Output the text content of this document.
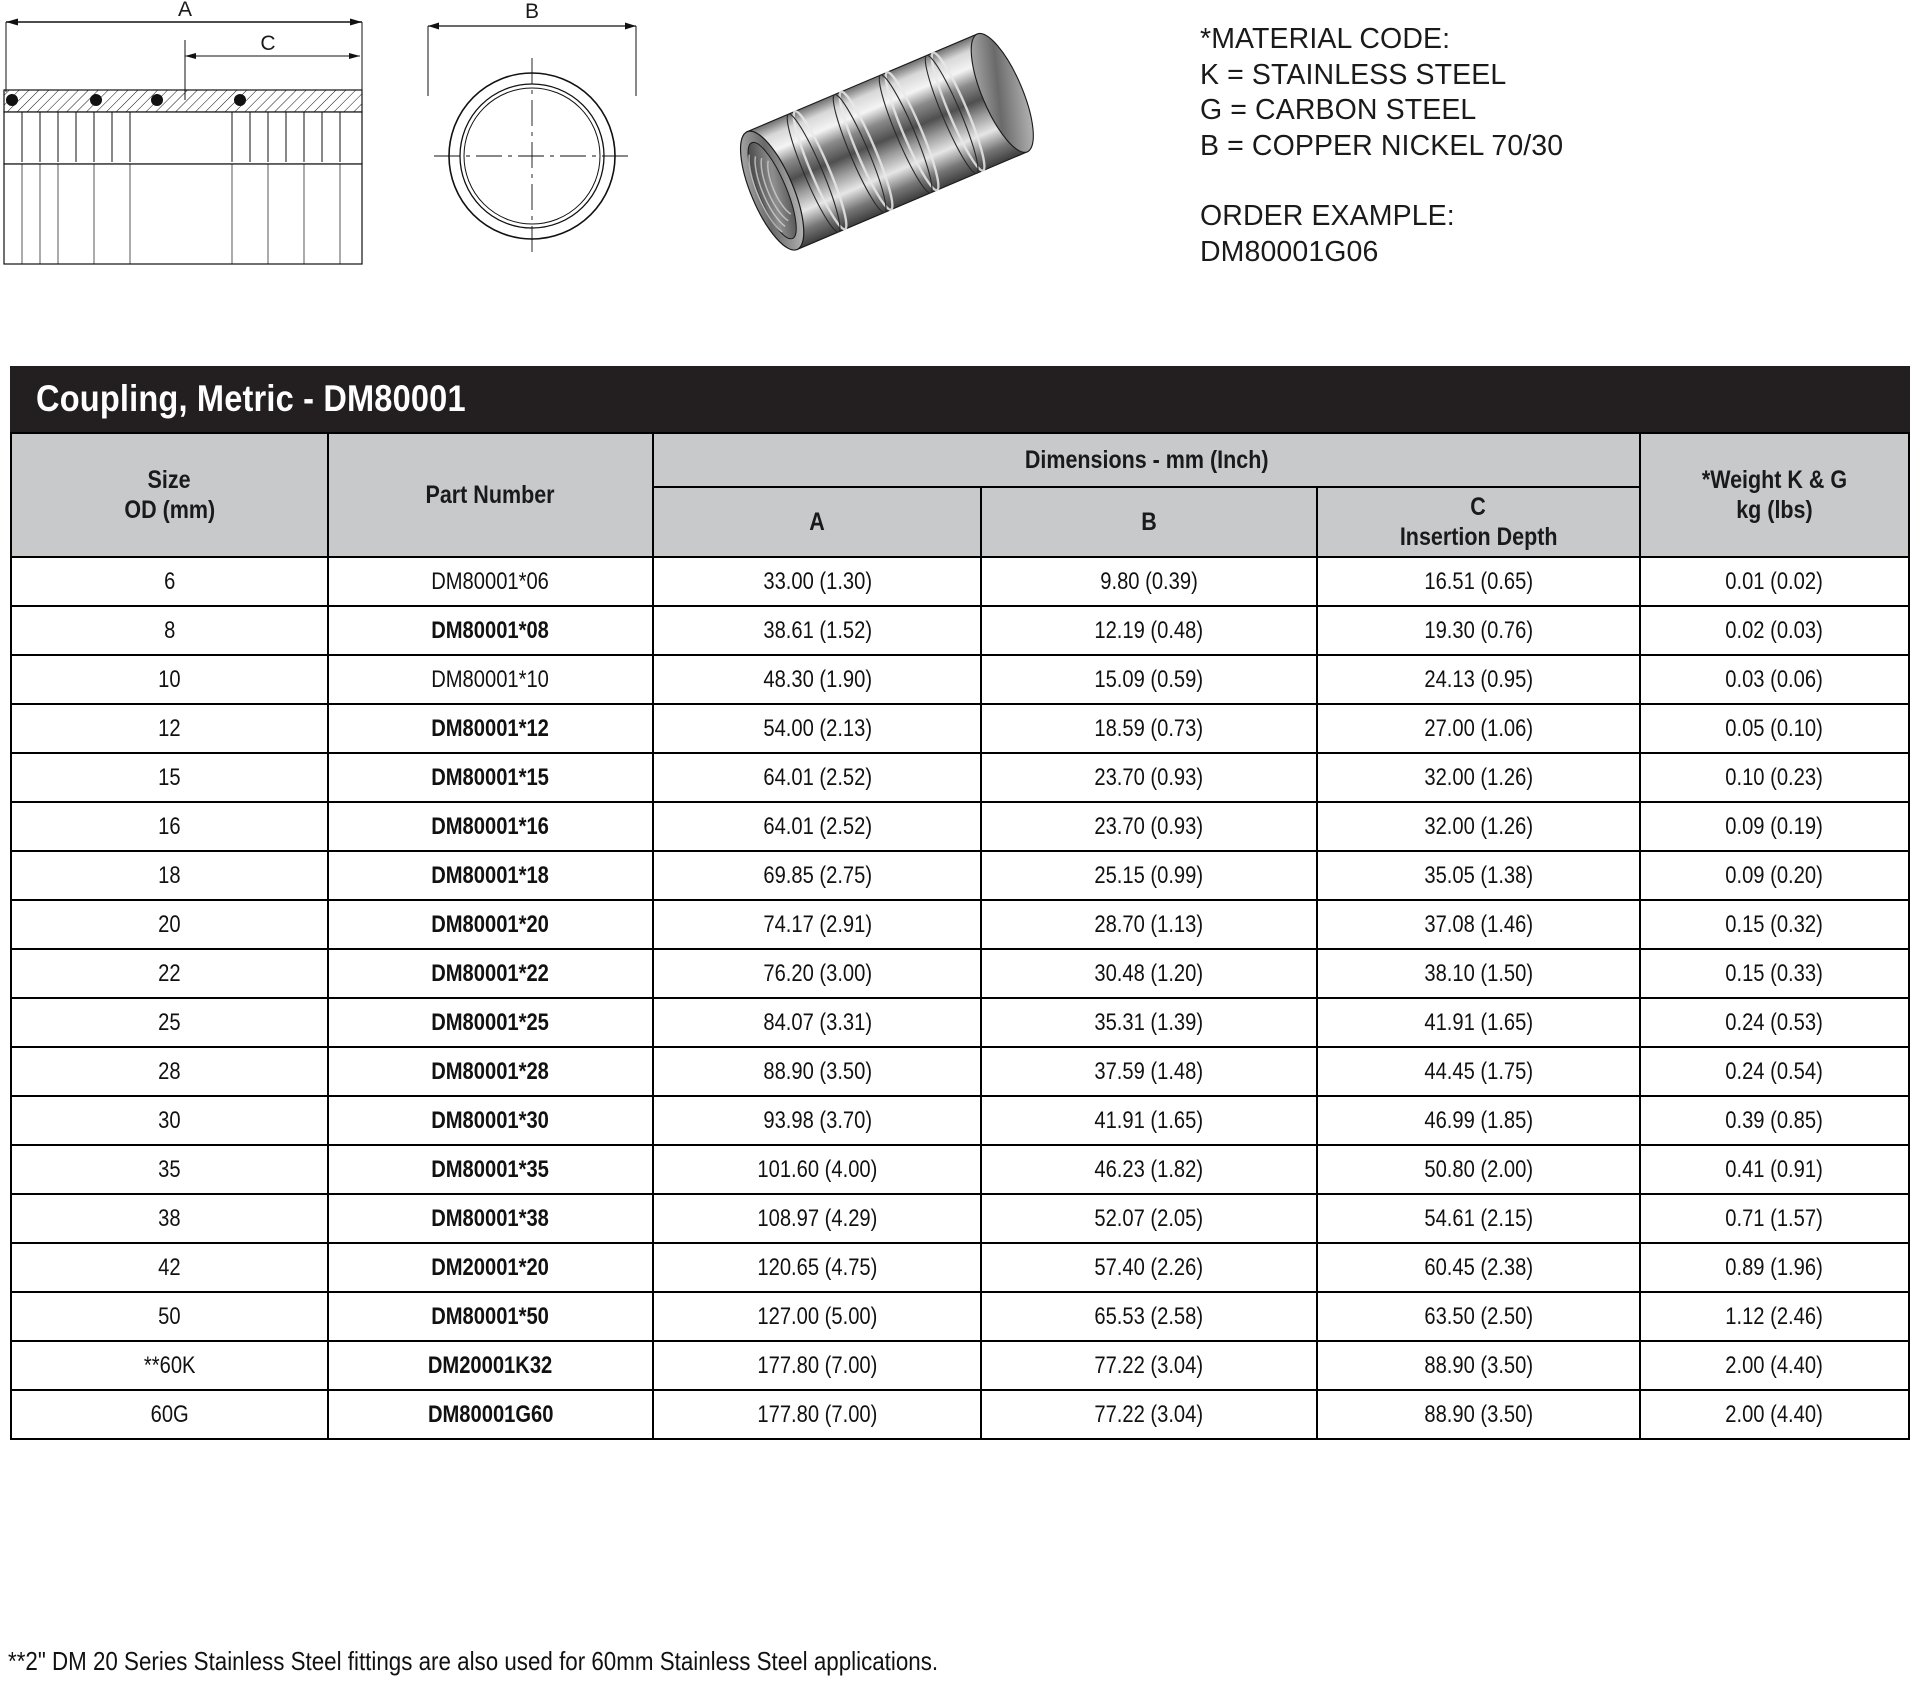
A
C
B
*MATERIAL CODE:
K = STAINLESS STEEL
G = CARBON STEEL
B = COPPER NICKEL 70/30
ORDER EXAMPLE:
DM80001G06
Coupling, Metric - DM80001
Size
OD (mm)
	Part Number	Dimensions - mm (Inch)	
*Weight K & G
kg (lbs)

		A	B	C
Insertion Depth	

6	DM80001*06	33.00 (1.30)	9.80 (0.39)	16.51 (0.65)	0.01 (0.02)
8	DM80001*08	38.61 (1.52)	12.19 (0.48)	19.30 (0.76)	0.02 (0.03)
10	DM80001*10	48.30 (1.90)	15.09 (0.59)	24.13 (0.95)	0.03 (0.06)
12	DM80001*12	54.00 (2.13)	18.59 (0.73)	27.00 (1.06)	0.05 (0.10)
15	DM80001*15	64.01 (2.52)	23.70 (0.93)	32.00 (1.26)	0.10 (0.23)
16	DM80001*16	64.01 (2.52)	23.70 (0.93)	32.00 (1.26)	0.09 (0.19)
18	DM80001*18	69.85 (2.75)	25.15 (0.99)	35.05 (1.38)	0.09 (0.20)
20	DM80001*20	74.17 (2.91)	28.70 (1.13)	37.08 (1.46)	0.15 (0.32)
22	DM80001*22	76.20 (3.00)	30.48 (1.20)	38.10 (1.50)	0.15 (0.33)
25	DM80001*25	84.07 (3.31)	35.31 (1.39)	41.91 (1.65)	0.24 (0.53)
28	DM80001*28	88.90 (3.50)	37.59 (1.48)	44.45 (1.75)	0.24 (0.54)
30	DM80001*30	93.98 (3.70)	41.91 (1.65)	46.99 (1.85)	0.39 (0.85)
35	DM80001*35	101.60 (4.00)	46.23 (1.82)	50.80 (2.00)	0.41 (0.91)
38	DM80001*38	108.97 (4.29)	52.07 (2.05)	54.61 (2.15)	0.71 (1.57)
42	DM20001*20	120.65 (4.75)	57.40 (2.26)	60.45 (2.38)	0.89 (1.96)
50	DM80001*50	127.00 (5.00)	65.53 (2.58)	63.50 (2.50)	1.12 (2.46)
**60K	DM20001K32	177.80 (7.00)	77.22 (3.04)	88.90 (3.50)	2.00 (4.40)
60G	DM80001G60	177.80 (7.00)	77.22 (3.04)	88.90 (3.50)	2.00 (4.40)
**2" DM 20 Series Stainless Steel fittings are also used for 60mm Stainless Steel applications.
